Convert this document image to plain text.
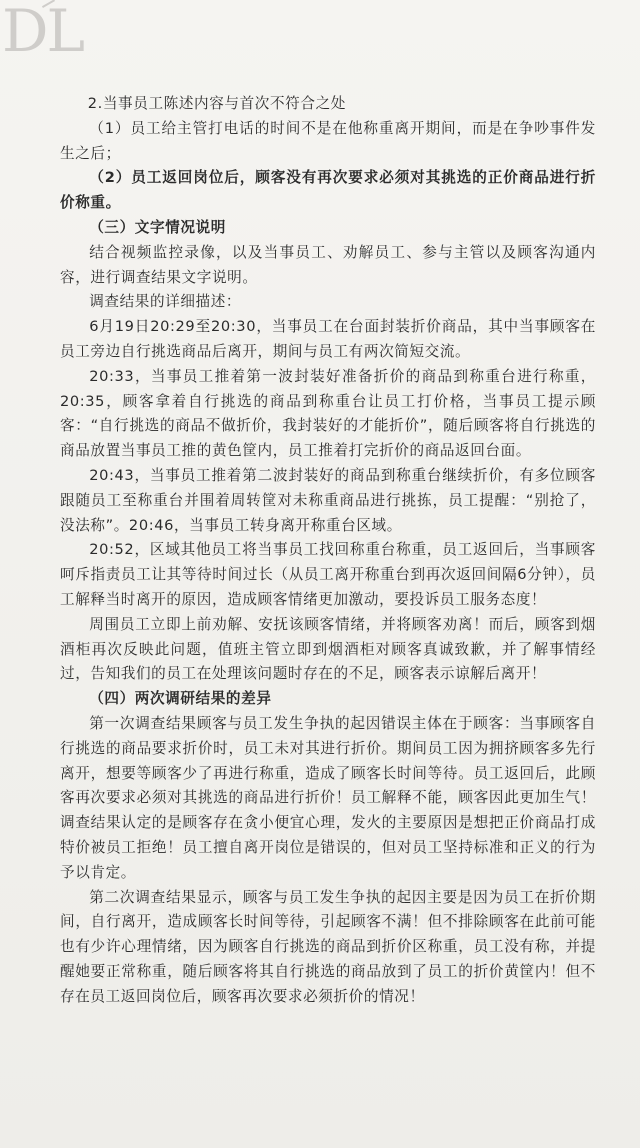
DL

2.当事员工陈述内容与首次不符合之处

（1）员工给主管打电话的时间不是在他称重离开期间，而是在争吵事件发生之后；

（2）员工返回岗位后，顾客没有再次要求必须对其挑选的正价商品进行折价称重。

（三）文字情况说明

结合视频监控录像，以及当事员工、劝解员工、参与主管以及顾客沟通内容，进行调查结果文字说明。

调查结果的详细描述：

6月19日20:29至20:30，当事员工在台面封装折价商品，其中当事顾客在员工旁边自行挑选商品后离开，期间与员工有两次简短交流。

20:33，当事员工推着第一波封装好准备折价的商品到称重台进行称重，20:35，顾客拿着自行挑选的商品到称重台让员工打价格，当事员工提示顾客：“自行挑选的商品不做折价，我封装好的才能折价”，随后顾客将自行挑选的商品放置当事员工推的黄色筐内，员工推着打完折价的商品返回台面。

20:43，当事员工推着第二波封装好的商品到称重台继续折价，有多位顾客跟随员工至称重台并围着周转筐对未称重商品进行挑拣，员工提醒：“别抢了，没法称”。20:46，当事员工转身离开称重台区域。

20:52，区域其他员工将当事员工找回称重台称重，员工返回后，当事顾客呵斥指责员工让其等待时间过长（从员工离开称重台到再次返回间隔6分钟），员工解释当时离开的原因，造成顾客情绪更加激动，要投诉员工服务态度！

周围员工立即上前劝解、安抚该顾客情绪，并将顾客劝离！而后，顾客到烟酒柜再次反映此问题，值班主管立即到烟酒柜对顾客真诚致歉，并了解事情经过，告知我们的员工在处理该问题时存在的不足，顾客表示谅解后离开！

（四）两次调研结果的差异

第一次调查结果顾客与员工发生争执的起因错误主体在于顾客：当事顾客自行挑选的商品要求折价时，员工未对其进行折价。期间员工因为拥挤顾客多先行离开，想要等顾客少了再进行称重，造成了顾客长时间等待。员工返回后，此顾客再次要求必须对其挑选的商品进行折价！员工解释不能，顾客因此更加生气！调查结果认定的是顾客存在贪小便宜心理，发火的主要原因是想把正价商品打成特价被员工拒绝！员工擅自离开岗位是错误的，但对员工坚持标准和正义的行为予以肯定。

第二次调查结果显示，顾客与员工发生争执的起因主要是因为员工在折价期间，自行离开，造成顾客长时间等待，引起顾客不满！但不排除顾客在此前可能也有少许心理情绪，因为顾客自行挑选的商品到折价区称重，员工没有称，并提醒她要正常称重，随后顾客将其自行挑选的商品放到了员工的折价黄筐内！但不存在员工返回岗位后，顾客再次要求必须折价的情况！
